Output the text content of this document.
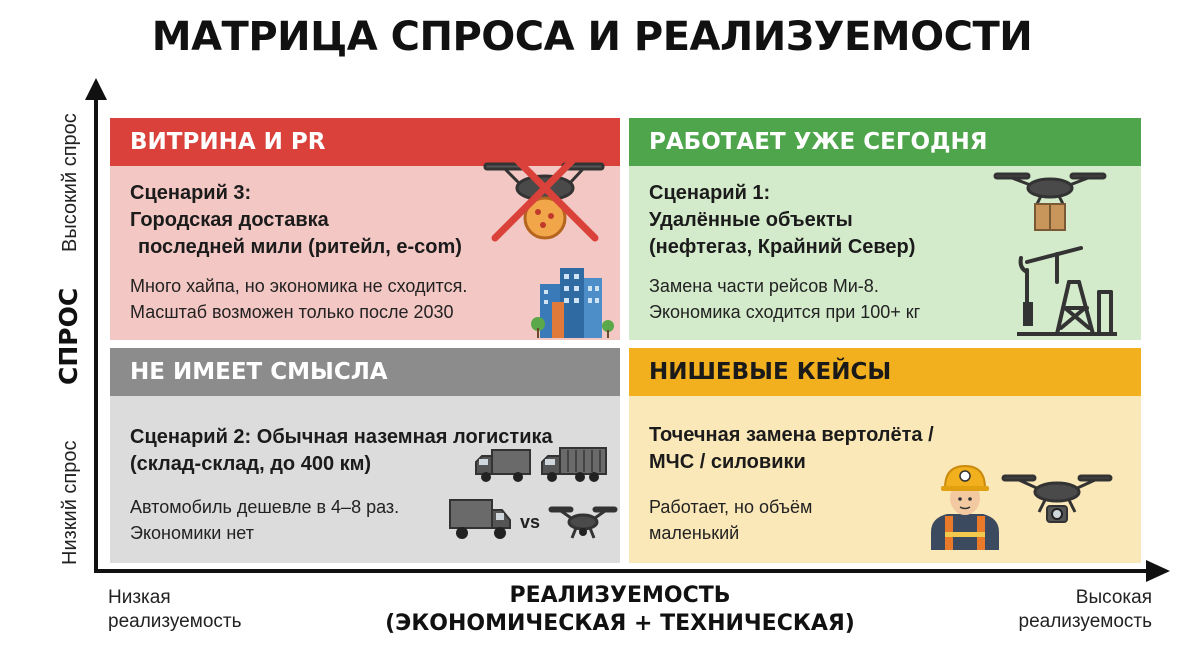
МАТРИЦА СПРОСА И РЕАЛИЗУЕМОСТИ
СПРОС
Высокий спрос
Низкий спрос
ВИТРИНА И PR
Сценарий 3:
Городская доставка
последней мили (ритейл, e-com)
Много хайпа, но экономика не сходится.
Масштаб возможен только после 2030
РАБОТАЕТ УЖЕ СЕГОДНЯ
Сценарий 1:
Удалённые объекты
(нефтегаз, Крайний Север)
Замена части рейсов Ми-8.
Экономика сходится при 100+ кг
НЕ ИМЕЕТ СМЫСЛА
Сценарий 2: Обычная наземная логистика
(склад-склад, до 400 км)
Автомобиль дешевле в 4–8 раз.
Экономики нет
vs
НИШЕВЫЕ КЕЙСЫ
Точечная замена вертолёта /
МЧС / силовики
Работает, но объём
маленький
РЕАЛИЗУЕМОСТЬ
(ЭКОНОМИЧЕСКАЯ + ТЕХНИЧЕСКАЯ)
Низкая
реализуемость
Высокая
реализуемость
